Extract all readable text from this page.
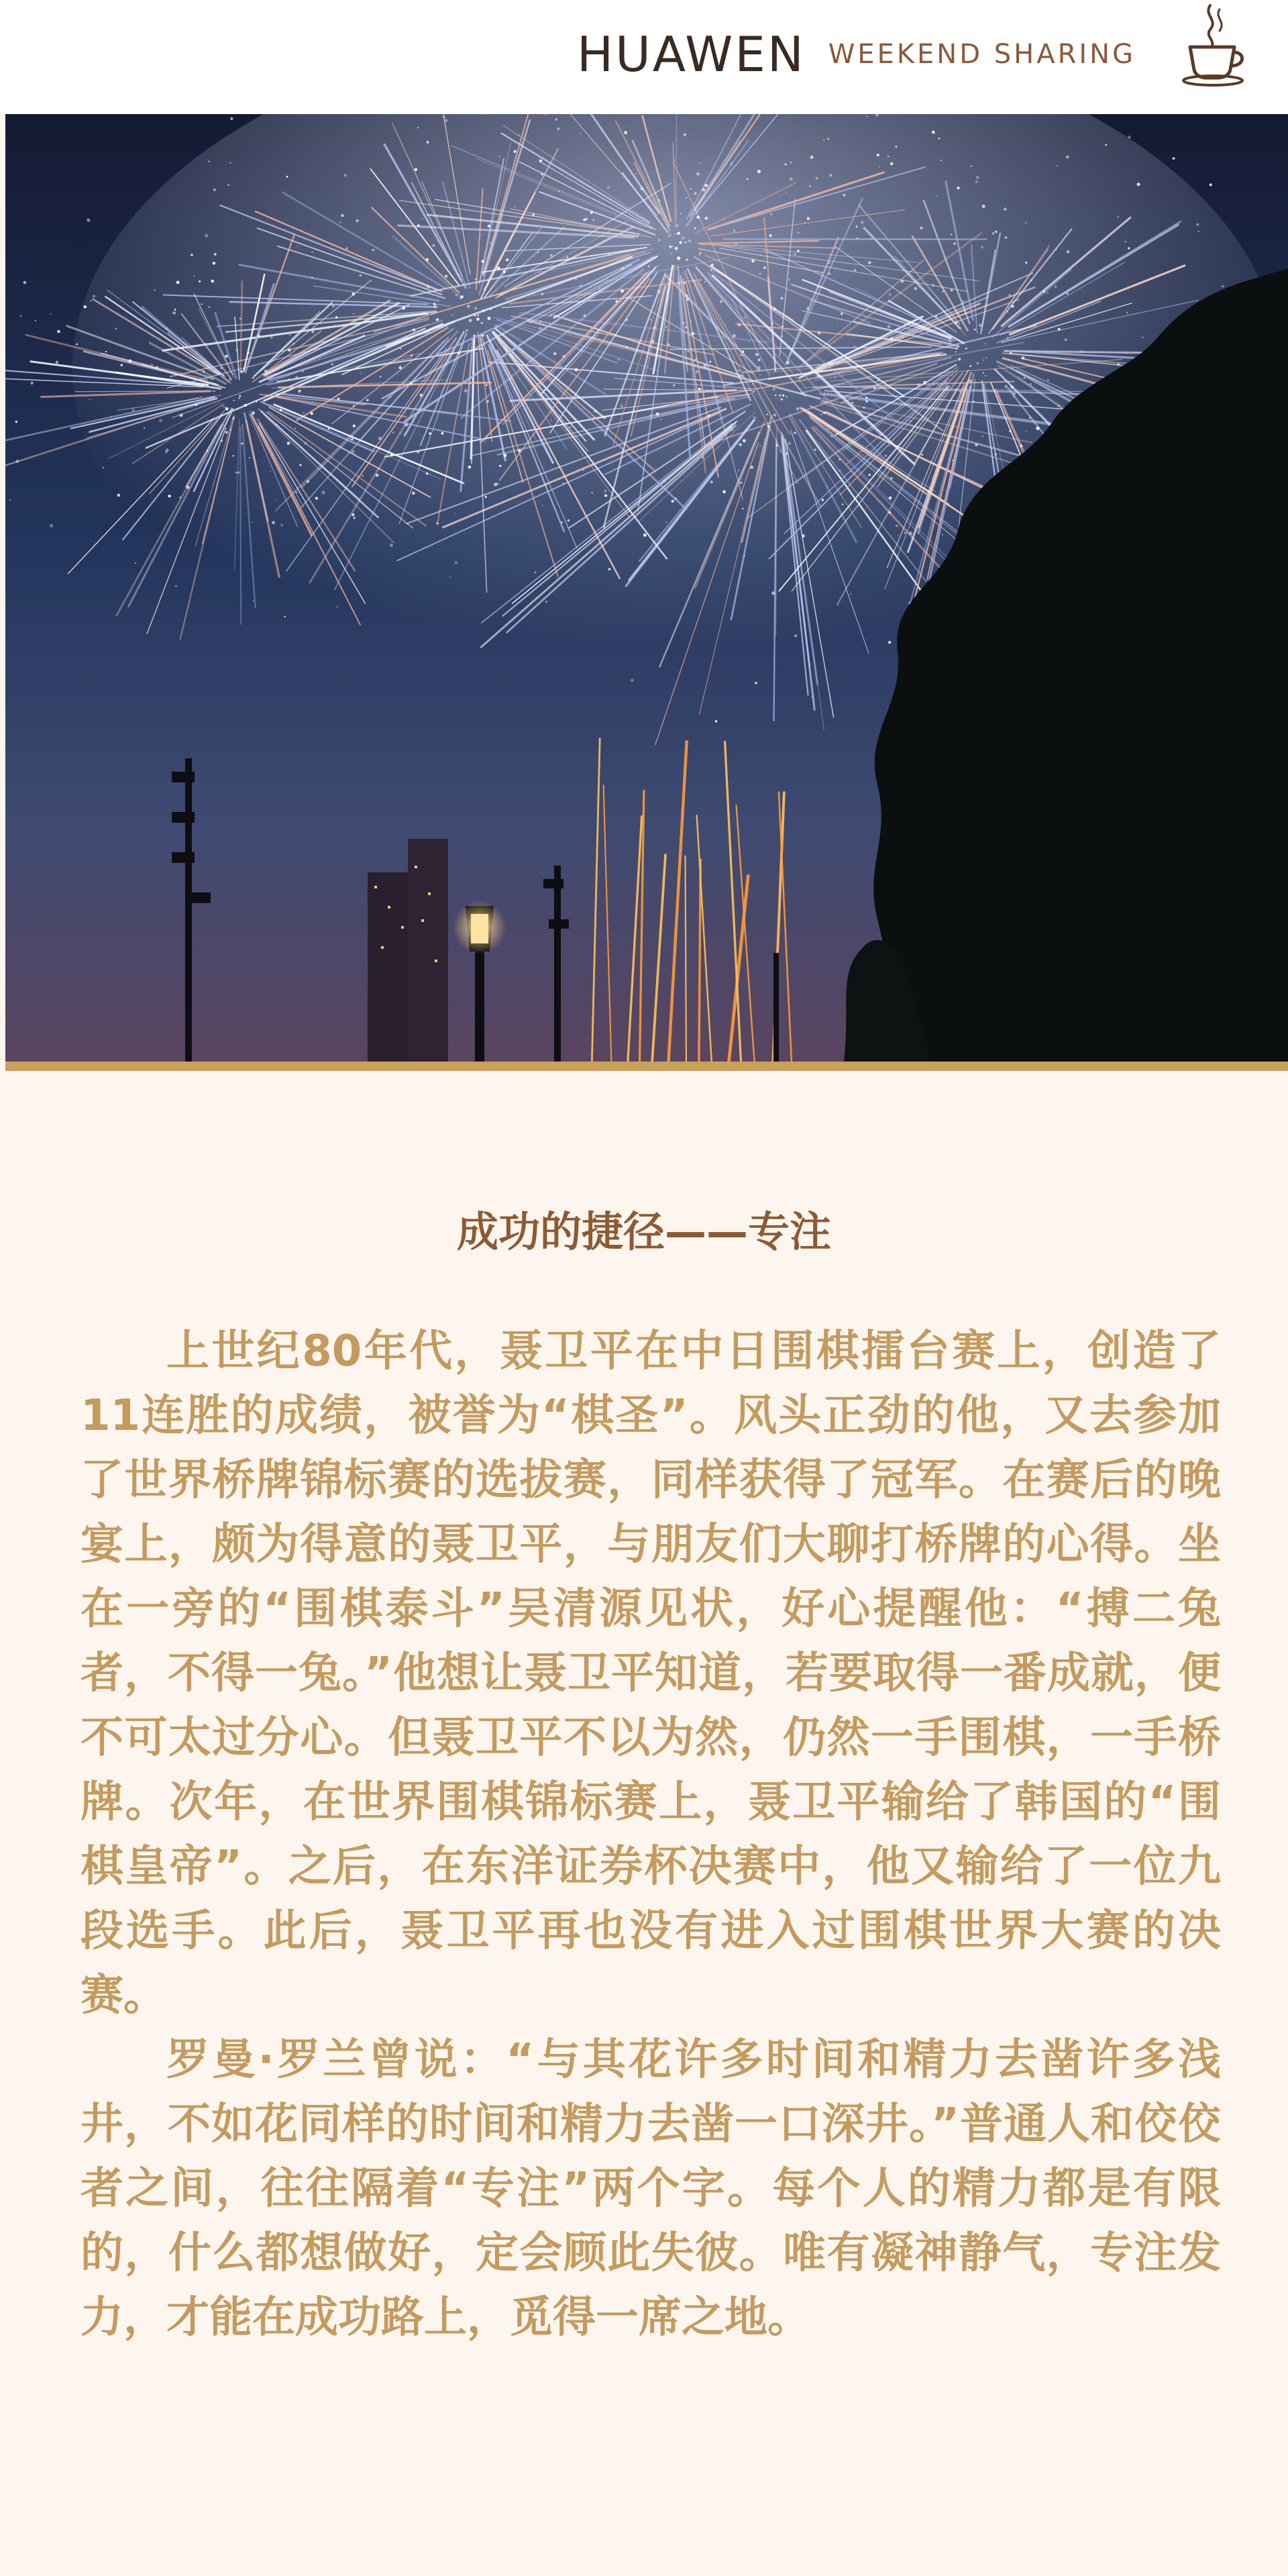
HUAWEN WEEKEND SHARING
成功的捷径——专注

上世纪80年代，聂卫平在中日围棋擂台赛上，创造了11连胜的成绩，被誉为“棋圣”。风头正劲的他，又去参加了世界桥牌锦标赛的选拔赛，同样获得了冠军。在赛后的晚宴上，颇为得意的聂卫平，与朋友们大聊打桥牌的心得。坐在一旁的“围棋泰斗”吴清源见状，好心提醒他：“搏二兔者，不得一兔。”他想让聂卫平知道，若要取得一番成就，便不可太过分心。但聂卫平不以为然，仍然一手围棋，一手桥牌。次年，在世界围棋锦标赛上，聂卫平输给了韩国的“围棋皇帝”。之后，在东洋证券杯决赛中，他又输给了一位九段选手。此后，聂卫平再也没有进入过围棋世界大赛的决赛。

罗曼·罗兰曾说：“与其花许多时间和精力去凿许多浅井，不如花同样的时间和精力去凿一口深井。”普通人和佼佼者之间，往往隔着“专注”两个字。每个人的精力都是有限的，什么都想做好，定会顾此失彼。唯有凝神静气，专注发力，才能在成功路上，觅得一席之地。
